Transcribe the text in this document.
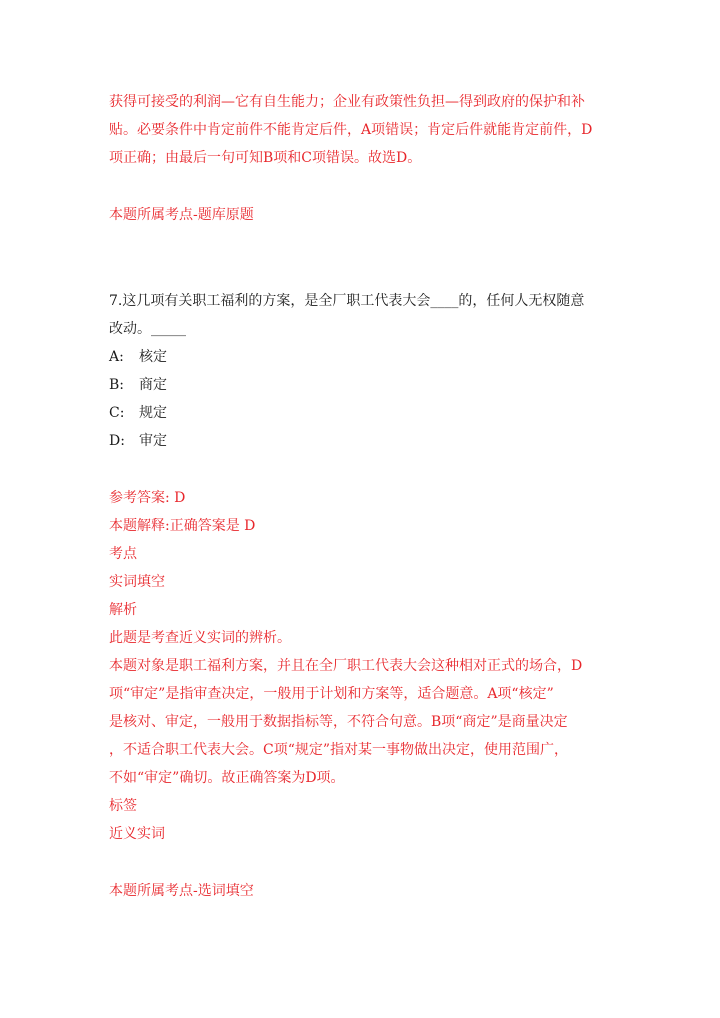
获得可接受的利润—它有自生能力；企业有政策性负担—得到政府的保护和补
贴。必要条件中肯定前件不能肯定后件，A项错误；肯定后件就能肯定前件，D
项正确；由最后一句可知B项和C项错误。故选D。
本题所属考点-题库原题
7.这几项有关职工福利的方案，是全厂职工代表大会____的，任何人无权随意
改动。_____
A: 核定
B: 商定
C: 规定
D: 审定
参考答案: D
本题解释:正确答案是 D
考点
实词填空
解析
此题是考查近义实词的辨析。
本题对象是职工福利方案，并且在全厂职工代表大会这种相对正式的场合，D
项“审定”是指审查决定，一般用于计划和方案等，适合题意。A项“核定”
是核对、审定，一般用于数据指标等，不符合句意。B项“商定”是商量决定
，不适合职工代表大会。C项“规定”指对某一事物做出决定，使用范围广，
不如“审定”确切。故正确答案为D项。
标签
近义实词
本题所属考点-选词填空
